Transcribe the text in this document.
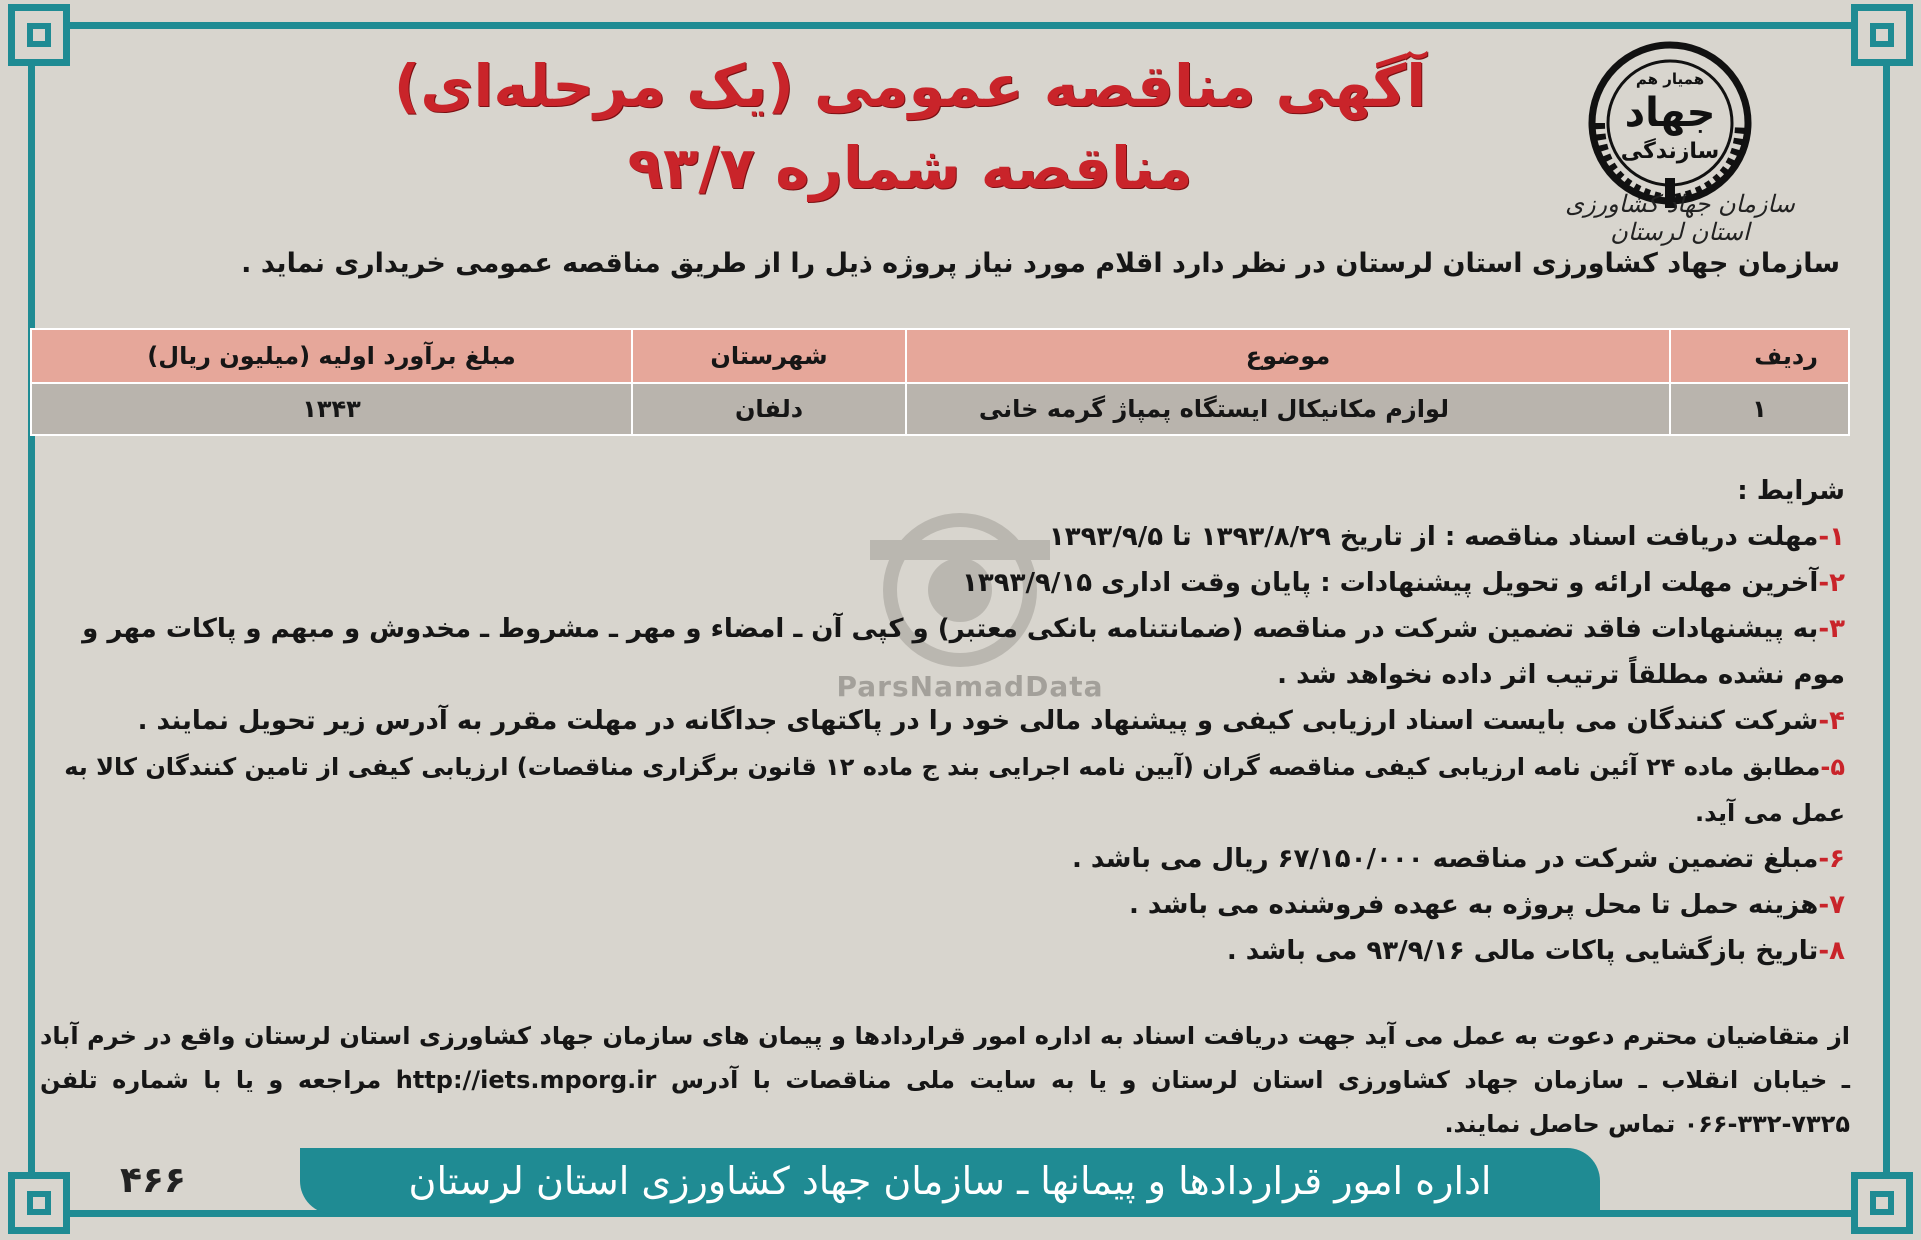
همیار هم
جهاد
سازندگی
سازمان جهاد کشاورزی استان لرستان
آگهی مناقصه عمومی (یک مرحله‌ای)
مناقصه شماره ۹۳/۷
سازمان جهاد کشاورزی استان لرستان در نظر دارد اقلام مورد نیاز پروژه ذیل را از طریق مناقصه عمومی خریداری نماید .
ردیف	موضوع	شهرستان	مبلغ برآورد اولیه (میلیون ریال)
۱	لوازم مکانیکال ایستگاه پمپاژ گرمه خانی	دلفان	۱۳۴۳
ParsNamadData
شرایط :
۱-مهلت دریافت اسناد مناقصه : از تاریخ ۱۳۹۳/۸/۲۹ تا ۱۳۹۳/۹/۵
۲-آخرین مهلت ارائه و تحویل پیشنهادات : پایان وقت اداری ۱۳۹۳/۹/۱۵
۳-به پیشنهادات فاقد تضمین شرکت در مناقصه (ضمانتنامه بانکی معتبر) و کپی آن ـ امضاء و مهر ـ مشروط ـ مخدوش و مبهم و پاکات مهر و موم نشده مطلقاً ترتیب اثر داده نخواهد شد .
۴-شرکت کنندگان می بایست اسناد ارزیابی کیفی و پیشنهاد مالی خود را در پاکتهای جداگانه در مهلت مقرر به آدرس زیر تحویل نمایند .
۵-مطابق ماده ۲۴ آئین نامه ارزیابی کیفی مناقصه گران (آیین نامه اجرایی بند ج ماده ۱۲ قانون برگزاری مناقصات) ارزیابی کیفی از تامین کنندگان کالا به عمل می آید.
۶-مبلغ تضمین شرکت در مناقصه ۶۷/۱۵۰/۰۰۰ ریال می باشد .
۷-هزینه حمل تا محل پروژه به عهده فروشنده می باشد .
۸-تاریخ بازگشایی پاکات مالی ۹۳/۹/۱۶ می باشد .
از متقاضیان محترم دعوت به عمل می آید جهت دریافت اسناد به اداره امور قراردادها و پیمان های سازمان جهاد کشاورزی استان لرستان واقع در خرم آباد ـ خیابان انقلاب ـ سازمان جهاد کشاورزی استان لرستان و یا به سایت ملی مناقصات با آدرس http://iets.mporg.ir مراجعه و یا با شماره تلفن ۷۳۲۵-۳۳۲-۰۶۶ تماس حاصل نمایند.
اداره امور قراردادها و پیمانها ـ سازمان جهاد کشاورزی استان لرستان
۴۶۶
